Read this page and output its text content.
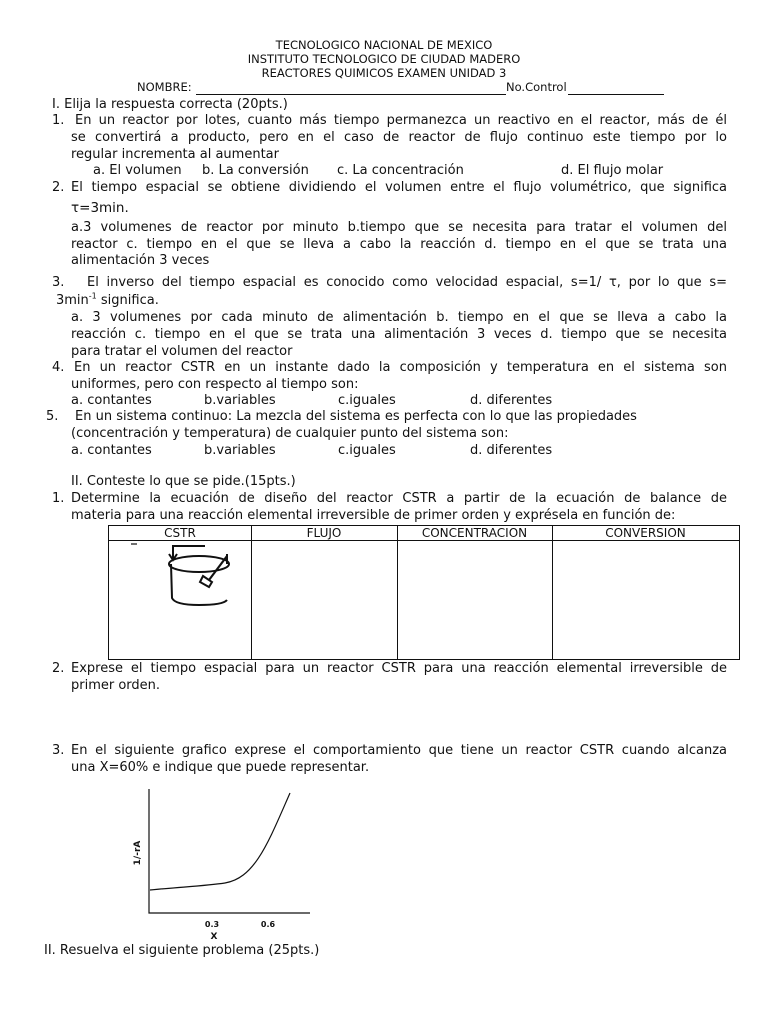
TECNOLOGICO NACIONAL DE MEXICO
INSTITUTO TECNOLOGICO DE CIUDAD MADERO
REACTORES QUIMICOS EXAMEN UNIDAD 3
NOMBRE:	No.Control
I. Elija la respuesta correcta (20pts.)
1. En un reactor por lotes, cuanto más tiempo permanezca un reactivo en el reactor, más de él
se convertirá a producto, pero en el caso de reactor de flujo continuo este tiempo por lo
regular incrementa al aumentar
a. El volumen b. La conversión c. La concentración	d. El flujo molar
2. El tiempo espacial se obtiene dividiendo el volumen entre el flujo volumétrico, que significa
τ=3min.
a.3 volumenes de reactor por minuto b.tiempo que se necesita para tratar el volumen del
reactor c. tiempo en el que se lleva a cabo la reacción d. tiempo en el que se trata una
alimentación 3 veces
3. El inverso del tiempo espacial es conocido como velocidad espacial, s=1/ τ, por lo que s=
$3\min^{-1}$ significa.
a. 3 volumenes por cada minuto de alimentación b. tiempo en el que se lleva a cabo la
reacción c. tiempo en el que se trata una alimentación 3 veces d. tiempo que se necesita
para tratar el volumen del reactor
4. En un reactor CSTR en un instante dado la composición y temperatura en el sistema son
uniformes, pero con respecto al tiempo son:
a. contantes	b.variables	c.iguales	d. diferentes
5. En un sistema continuo: La mezcla del sistema es perfecta con lo que las propiedades
(concentración y temperatura) de cualquier punto del sistema son:
a. contantes	b.variables	c.iguales	d. diferentes
II. Conteste lo que se pide.(15pts.)
1. Determine la ecuación de diseño del reactor CSTR a partir de la ecuación de balance de
materia para una reacción elemental irreversible de primer orden y exprésela en función de:
CSTR	FLUJO	CONCENTRACION	CONVERSION
2. Exprese el tiempo espacial para un reactor CSTR para una reacción elemental irreversible de
primer orden.
3. En el siguiente grafico exprese el comportamiento que tiene un reactor CSTR cuando alcanza
una X=60% e indique que puede representar.
1/-rA
0.3	0.6
X
II. Resuelva el siguiente problema (25pts.)
